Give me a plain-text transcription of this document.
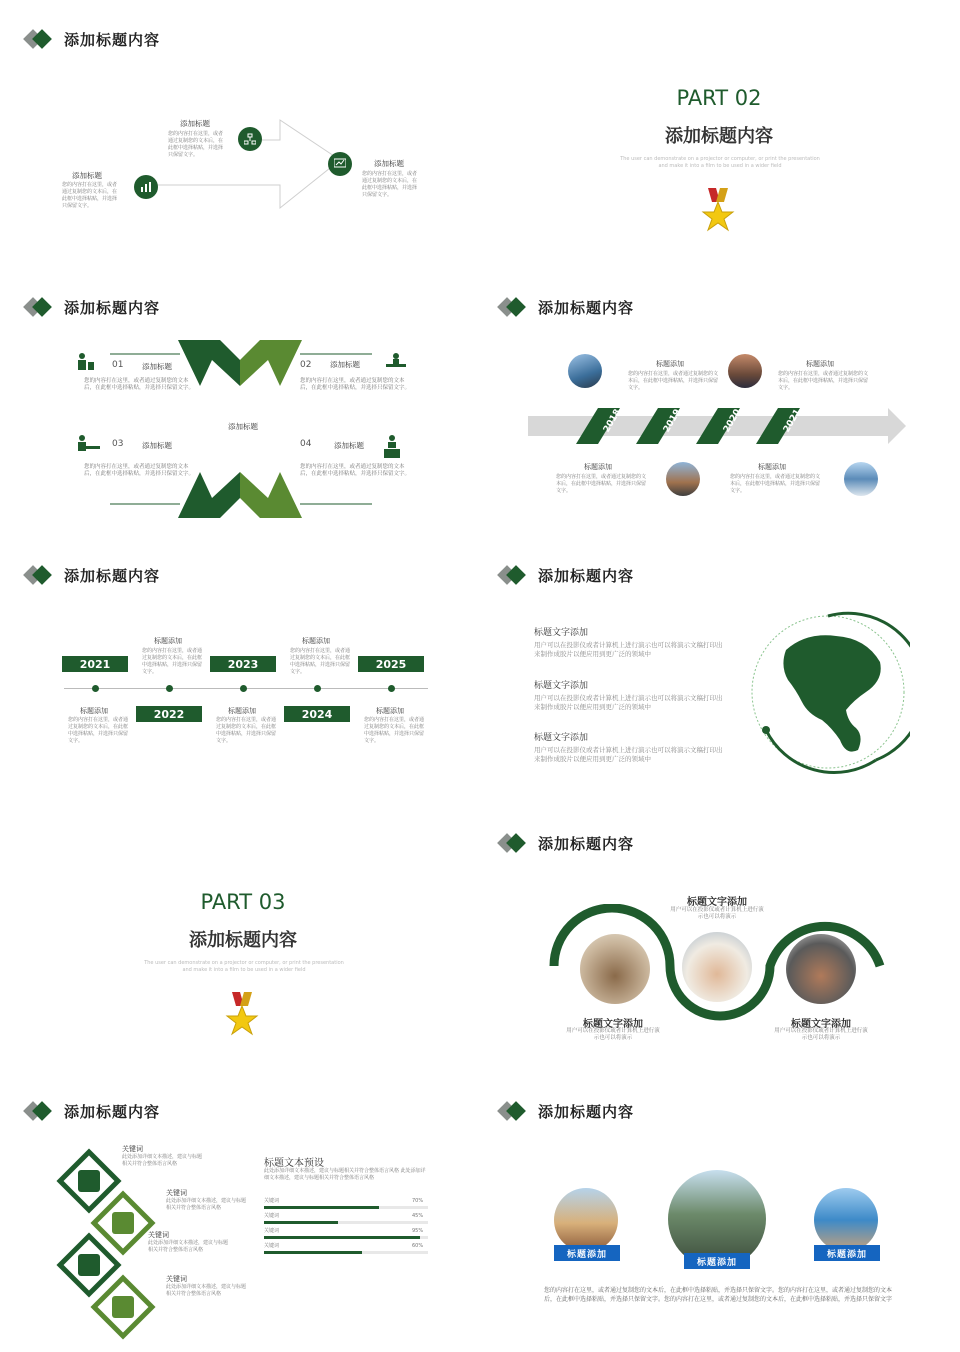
添加标题内容
添加标题
您的内容打在这里，或者通过复制您的文本后，在此框中选择粘贴，并选择只保留文字。
添加标题
您的内容打在这里，或者通过复制您的文本后，在此框中选择粘贴，并选择只保留文字。
添加标题
您的内容打在这里，或者通过复制您的文本后，在此框中选择粘贴，并选择只保留文字。
PART 02
添加标题内容
The user can demonstrate on a projector or computer, or print the presentation and make it into a film to be used in a wider field
添加标题内容
添加标题
01 添加标题
您的内容打在这里，或者通过复制您的文本后，在此框中选择粘贴，并选择只保留文字。
02 添加标题
您的内容打在这里，或者通过复制您的文本后，在此框中选择粘贴，并选择只保留文字。
03 添加标题
您的内容打在这里，或者通过复制您的文本后，在此框中选择粘贴，并选择只保留文字。
04	添加标题
您的内容打在这里，或者通过复制您的文本后，在此框中选择粘贴，并选择只保留文字。
添加标题内容
2018	2019	2020	2021
标题添加
您的内容打在这里，或者通过复制您的文本后，在此框中选择粘贴，并选择只保留文字。
标题添加
您的内容打在这里，或者通过复制您的文本后，在此框中选择粘贴，并选择只保留文字。
标题添加
您的内容打在这里，或者通过复制您的文本后，在此框中选择粘贴，并选择只保留文字。
标题添加
您的内容打在这里，或者通过复制您的文本后，在此框中选择粘贴，并选择只保留文字。
添加标题内容
2021
2022
2023
2024
2025
标题添加
您的内容打在这里，或者通过复制您的文本后，在此框中选择粘贴，并选择只保留文字。
标题添加
您的内容打在这里，或者通过复制您的文本后，在此框中选择粘贴，并选择只保留文字。
标题添加
您的内容打在这里，或者通过复制您的文本后，在此框中选择粘贴，并选择只保留文字。
标题添加
您的内容打在这里，或者通过复制您的文本后，在此框中选择粘贴，并选择只保留文字。
标题添加
您的内容打在这里，或者通过复制您的文本后，在此框中选择粘贴，并选择只保留文字。
添加标题内容
标题文字添加
用户可以在投影仪或者计算机上进行演示也可以将演示文稿打印出来制作成胶片以便应用到更广泛的领域中
标题文字添加
用户可以在投影仪或者计算机上进行演示也可以将演示文稿打印出来制作成胶片以便应用到更广泛的领域中
标题文字添加
用户可以在投影仪或者计算机上进行演示也可以将演示文稿打印出来制作成胶片以便应用到更广泛的领域中
PART 03
添加标题内容
The user can demonstrate on a projector or computer, or print the presentation and make it into a film to be used in a wider field
添加标题内容
标题文字添加
用户可以在投影仪或者计算机上进行演示也可以将演示
标题文字添加
用户可以在投影仪或者计算机上进行演示也可以将演示
标题文字添加
用户可以在投影仪或者计算机上进行演示也可以将演示
添加标题内容
关键词
此处添加详细文本描述，建议与标题相关并符合整体语言风格
关键词
此处添加详细文本描述，建议与标题相关并符合整体语言风格
关键词
此处添加详细文本描述，建议与标题相关并符合整体语言风格
关键词
此处添加详细文本描述，建议与标题相关并符合整体语言风格
标题文本预设
此处添加详细文本描述，建议与标题相关并符合整体语言风格 此处添加详细文本描述，建议与标题相关并符合整体语言风格
关键词	70%
关键词	45%
关键词	95%
关键词	60%
添加标题内容
标题添加
标题添加
标题添加
您的内容打在这里，或者通过复制您的文本后，在此框中选择粘贴，并选择只保留文字。您的内容打在这里，或者通过复制您的文本后，在此框中选择粘贴，并选择只保留文字。您的内容打在这里，或者通过复制您的文本后，在此框中选择粘贴，并选择只保留文字
